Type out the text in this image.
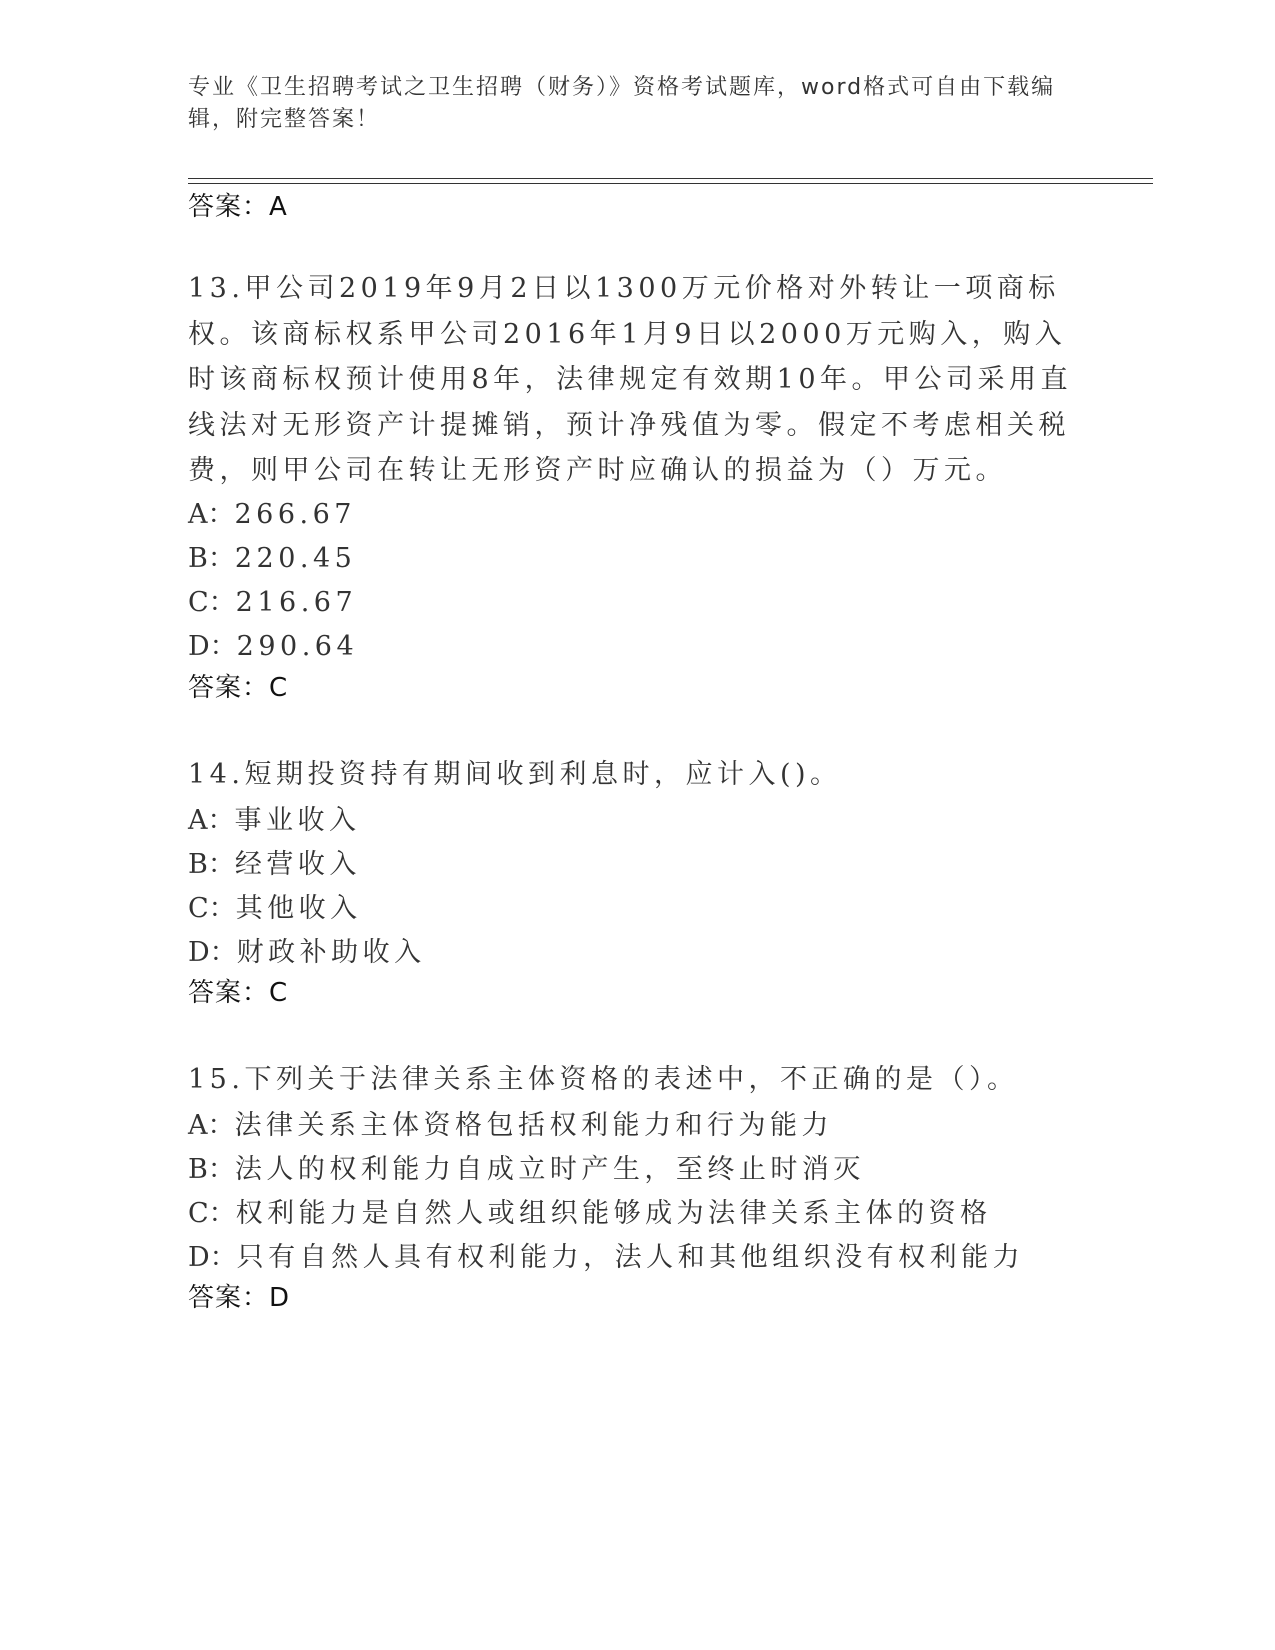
专业《卫生招聘考试之卫生招聘（财务）》资格考试题库，word格式可自由下载编辑，附完整答案！
答案：A
13.甲公司2019年9月2日以1300万元价格对外转让一项商标权。该商标权系甲公司2016年1月9日以2000万元购入，购入时该商标权预计使用8年，法律规定有效期10年。甲公司采用直线法对无形资产计提摊销，预计净残值为零。假定不考虑相关税费，则甲公司在转让无形资产时应确认的损益为（）万元。
A：266.67
B：220.45
C：216.67
D：290.64
答案：C
14.短期投资持有期间收到利息时，应计入()。
A：事业收入
B：经营收入
C：其他收入
D：财政补助收入
答案：C
15.下列关于法律关系主体资格的表述中，不正确的是（）。
A：法律关系主体资格包括权利能力和行为能力
B：法人的权利能力自成立时产生，至终止时消灭
C：权利能力是自然人或组织能够成为法律关系主体的资格
D：只有自然人具有权利能力，法人和其他组织没有权利能力
答案：D
